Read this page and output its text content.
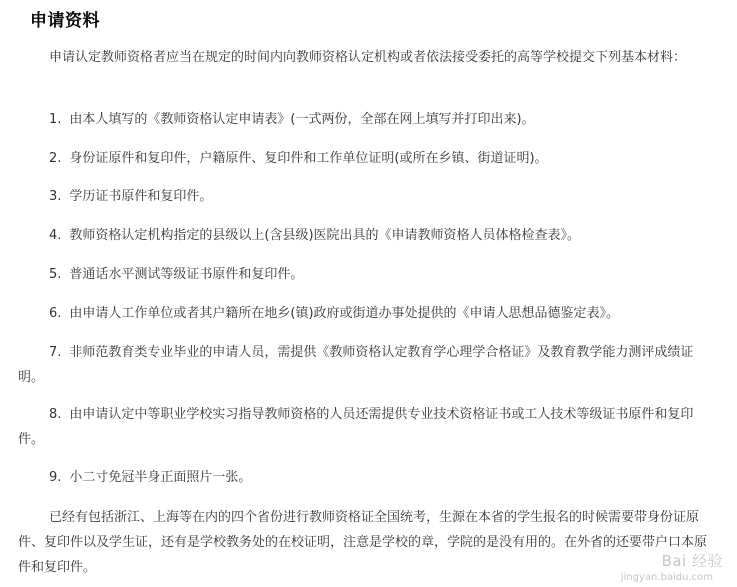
申请资料

申请认定教师资格者应当在规定的时间内向教师资格认定机构或者依法接受委托的高等学校提交下列基本材料：

1. 由本人填写的《教师资格认定申请表》(一式两份，全部在网上填写并打印出来)。

2. 身份证原件和复印件，户籍原件、复印件和工作单位证明(或所在乡镇、街道证明)。

3. 学历证书原件和复印件。

4. 教师资格认定机构指定的县级以上(含县级)医院出具的《申请教师资格人员体格检查表》。

5. 普通话水平测试等级证书原件和复印件。

6. 由申请人工作单位或者其户籍所在地乡(镇)政府或街道办事处提供的《申请人思想品德鉴定表》。

7. 非师范教育类专业毕业的申请人员，需提供《教师资格认定教育学心理学合格证》及教育教学能力测评成绩证明。

8. 由申请认定中等职业学校实习指导教师资格的人员还需提供专业技术资格证书或工人技术等级证书原件和复印件。

9. 小二寸免冠半身正面照片一张。

已经有包括浙江、上海等在内的四个省份进行教师资格证全国统考，生源在本省的学生报名的时候需要带身份证原件、复印件以及学生证，还有是学校教务处的在校证明，注意是学校的章，学院的是没有用的。在外省的还要带户口本原件和复印件。	Bai 经验
jingyan.baidu.com
